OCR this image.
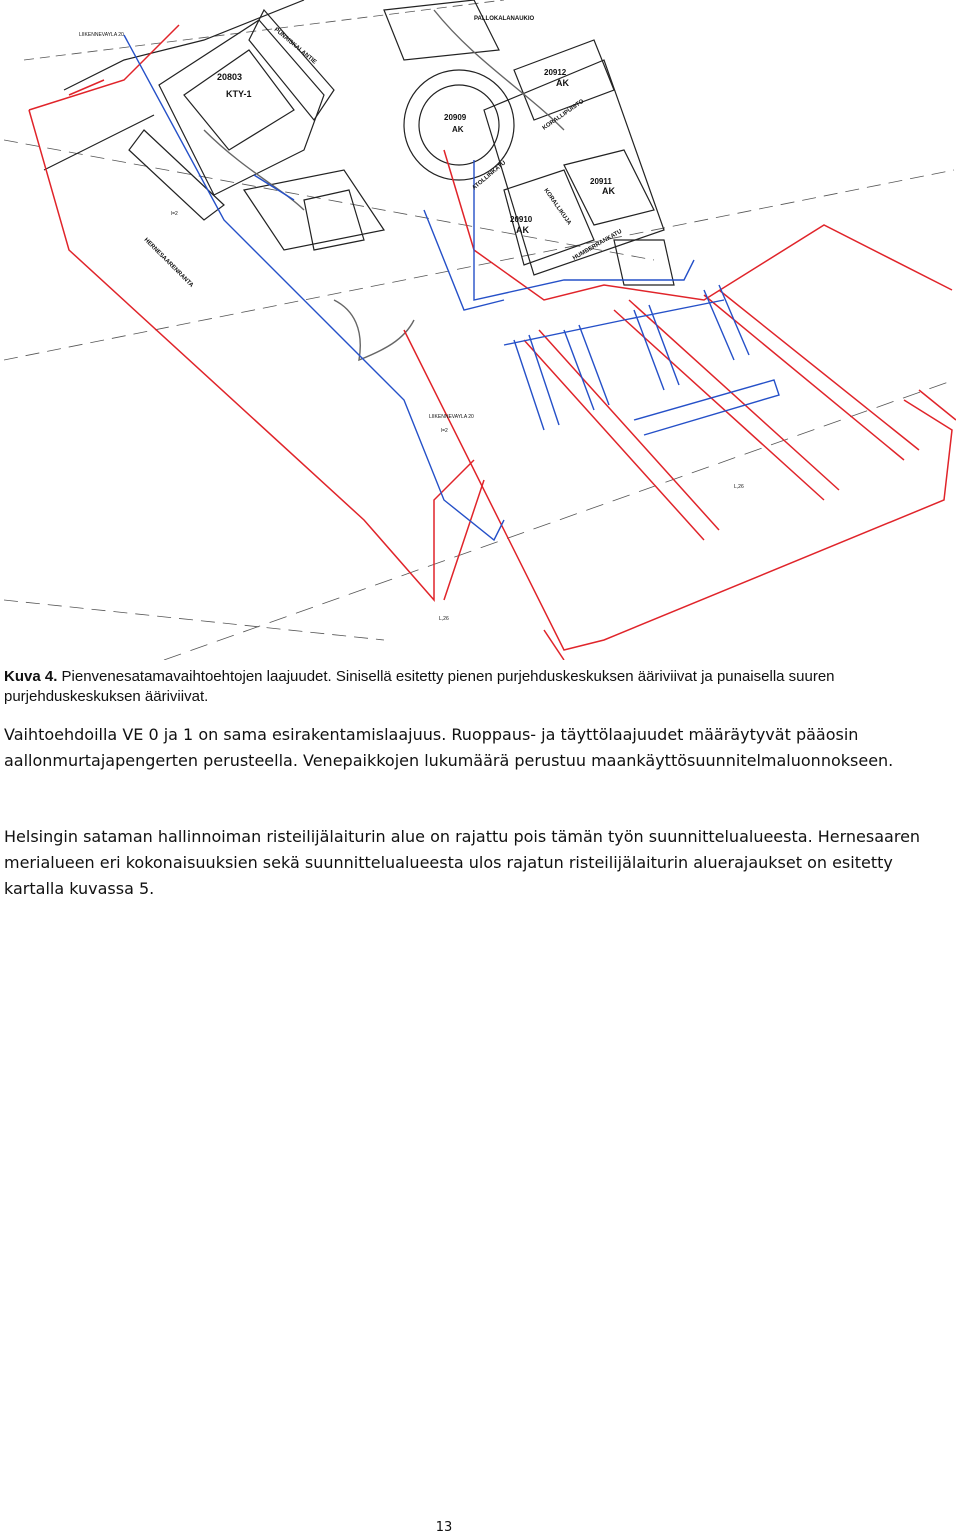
20803
KTY-1
20909
AK
20912
AK
20910
AK
20911
AK
PALLOKALANAUKIO
ATOLLINKATU
KORALLIKUJA
HERNESAARENRANTA	HUMBERRANKATU
PUNAISKALANTIE
KORALLIPUISTO
LIIKENNEVAYLA 20
LIIKENNEVAYLA 20
l=2
l=2
L,26
L,26
Kuva 4. Pienvenesatamavaihtoehtojen laajuudet. Sinisellä esitetty pienen purjehduskeskuksen ääriviivat ja punaisella suuren purjehduskeskuksen ääriviivat.
Vaihtoehdoilla VE 0 ja 1 on sama esirakentamislaajuus. Ruoppaus- ja täyttölaajuudet määräytyvät pääosin aallonmurtajapengerten perusteella. Venepaikkojen lukumäärä perustuu maankäyttösuunnitelmaluonnokseen.
Helsingin sataman hallinnoiman risteilijälaiturin alue on rajattu pois tämän työn suunnittelualueesta. Hernesaaren merialueen eri kokonaisuuksien sekä suunnittelualueesta ulos rajatun risteilijälaiturin aluerajaukset on esitetty kartalla kuvassa 5.
13
